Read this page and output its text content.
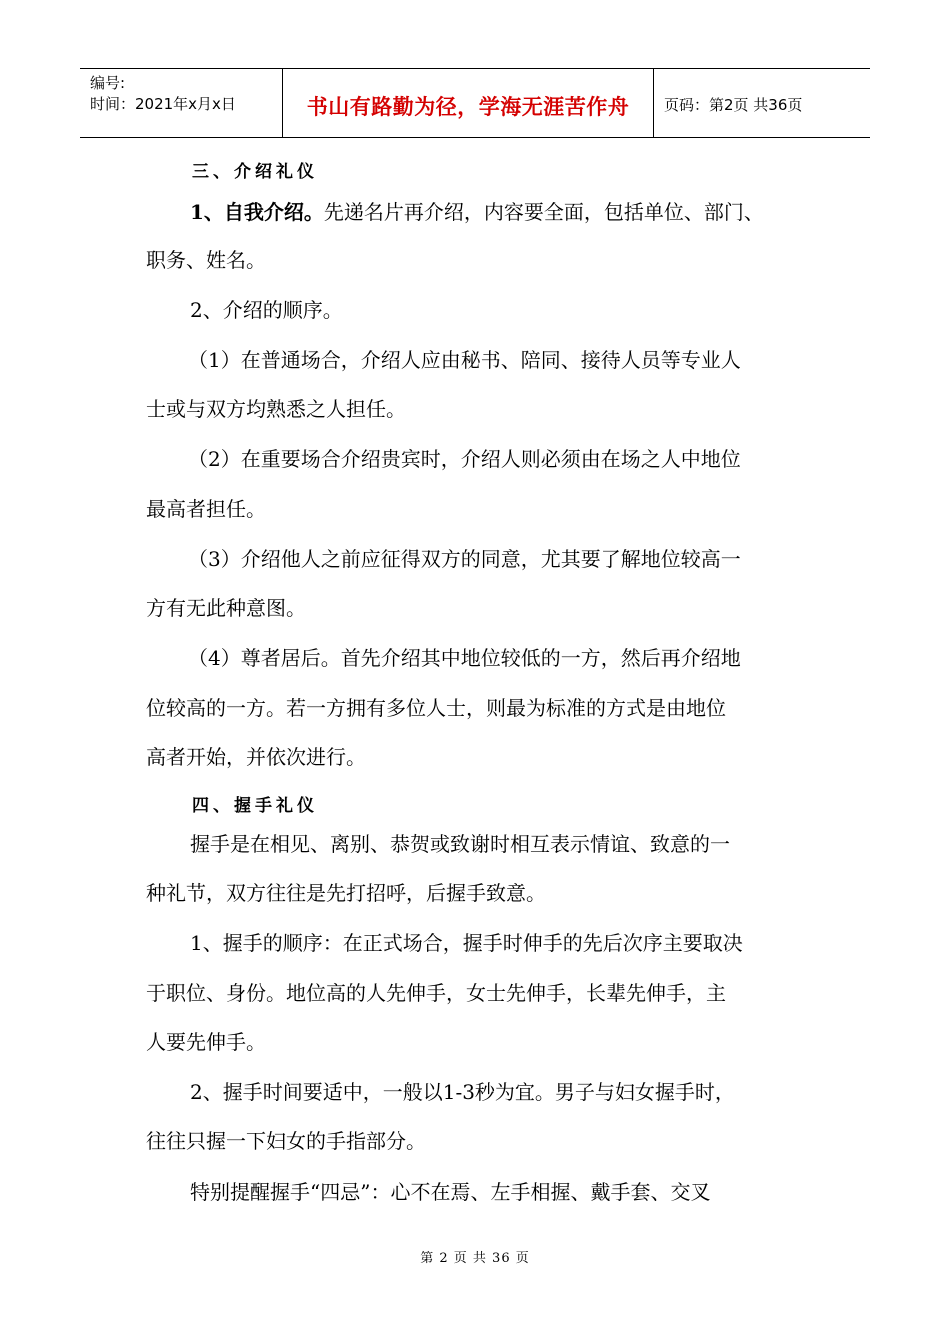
编号:
时间：2021年x月x日	书山有路勤为径，学海无涯苦作舟	页码：第2页 共36页
三、介绍礼仪
1、自我介绍。先递名片再介绍，内容要全面，包括单位、部门、
职务、姓名。
2、介绍的顺序。
（1）在普通场合，介绍人应由秘书、陪同、接待人员等专业人
士或与双方均熟悉之人担任。
（2）在重要场合介绍贵宾时，介绍人则必须由在场之人中地位
最高者担任。
（3）介绍他人之前应征得双方的同意，尤其要了解地位较高一
方有无此种意图。
（4）尊者居后。首先介绍其中地位较低的一方，然后再介绍地
位较高的一方。若一方拥有多位人士，则最为标准的方式是由地位
高者开始，并依次进行。
四、握手礼仪
握手是在相见、离别、恭贺或致谢时相互表示情谊、致意的一
种礼节，双方往往是先打招呼，后握手致意。
1、握手的顺序：在正式场合，握手时伸手的先后次序主要取决
于职位、身份。地位高的人先伸手，女士先伸手，长辈先伸手，主
人要先伸手。
2、握手时间要适中，一般以1-3秒为宜。男子与妇女握手时，
往往只握一下妇女的手指部分。
特别提醒握手“四忌”：心不在焉、左手相握、戴手套、交叉
第 2 页 共 36 页
